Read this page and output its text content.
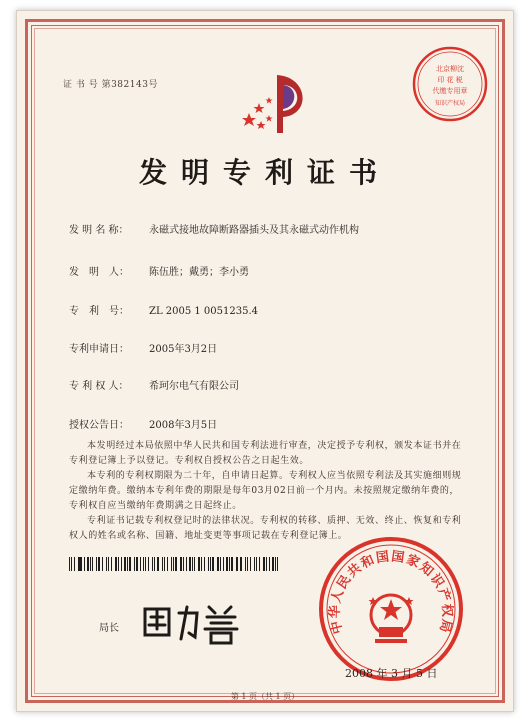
证 书 号 第382143号
北京柳沈
印 花 税
代缴专用章
知识产权局
发明专利证书
发 明 名 称： 永磁式接地故障断路器插头及其永磁式动作机构
发　明　人： 陈伍胜；戴勇；李小勇
专　利　号： ZL 2005 1 0051235.4
专利申请日： 2005年3月2日
专 利 权 人： 希珂尔电气有限公司
授权公告日： 2008年3月5日
本发明经过本局依照中华人民共和国专利法进行审查，决定授予专利权，颁发本证书并在专利登记簿上予以登记。专利权自授权公告之日起生效。
本专利的专利权期限为二十年，自申请日起算。专利权人应当依照专利法及其实施细则规定缴纳年费。缴纳本专利年费的期限是每年03月02日前一个月内。未按照规定缴纳年费的，专利权自应当缴纳年费期满之日起终止。
专利证书记载专利权登记时的法律状况。专利权的转移、质押、无效、终止、恢复和专利权人的姓名或名称、国籍、地址变更等事项记载在专利登记簿上。
局长	中华人民共和国国家知识产权局
2008 年 3 月 5 日
第 1 页（共 1 页）
